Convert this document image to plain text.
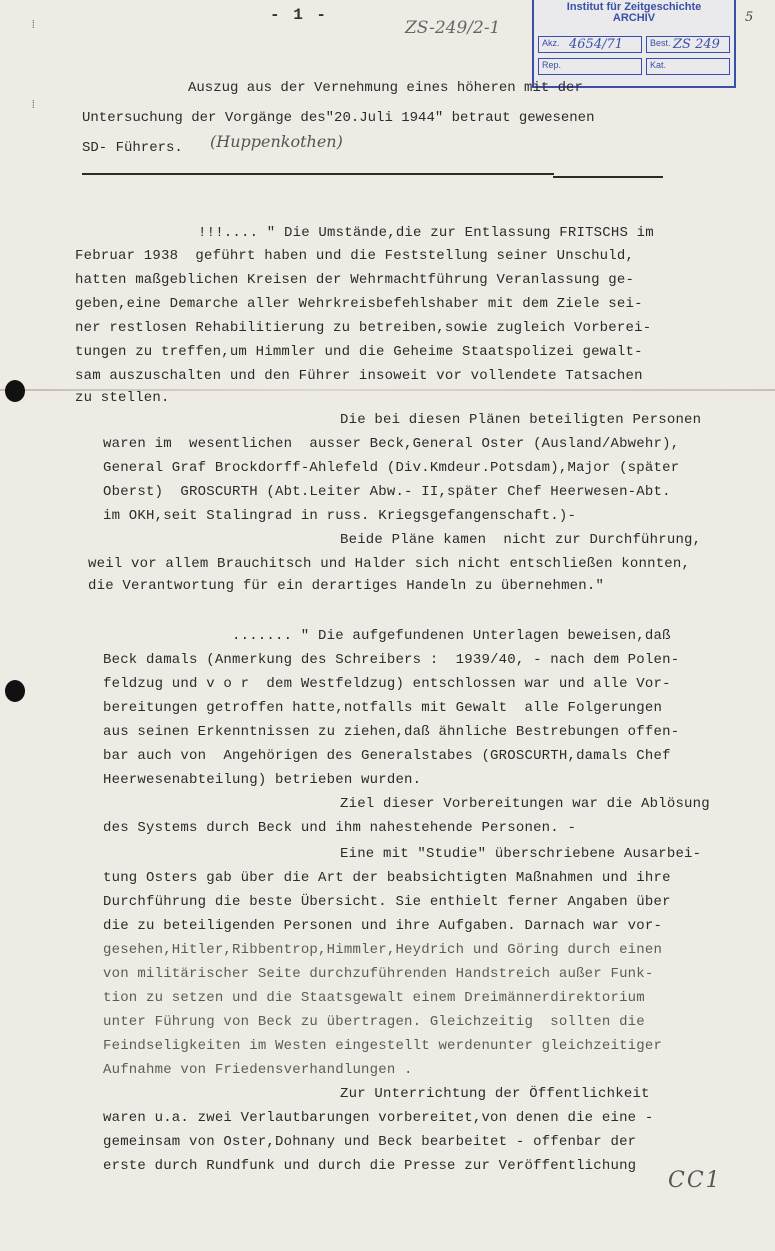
⁞
⁞
- 1 -
ZS-249/2-1
5
Institut für Zeitgeschichte
ARCHIV
Akz. 4654/71	Best. ZS 249
Rep.	Kat.
Auszug aus der Vernehmung eines höheren mit der
Untersuchung der Vorgänge des"20.Juli 1944" betraut gewesenen
SD- Führers. (Huppenkothen)
!!!.... " Die Umstände,die zur Entlassung FRITSCHS im
Februar 1938  geführt haben und die Feststellung seiner Unschuld,
hatten maßgeblichen Kreisen der Wehrmachtführung Veranlassung ge-
geben,eine Demarche aller Wehrkreisbefehlshaber mit dem Ziele sei-
ner restlosen Rehabilitierung zu betreiben,sowie zugleich Vorberei-
tungen zu treffen,um Himmler und die Geheime Staatspolizei gewalt-
sam auszuschalten und den Führer insoweit vor vollendete Tatsachen
zu stellen.
Die bei diesen Plänen beteiligten Personen
waren im  wesentlichen  ausser Beck,General Oster (Ausland/Abwehr),
General Graf Brockdorff-Ahlefeld (Div.Kmdeur.Potsdam),Major (später
Oberst)  GROSCURTH (Abt.Leiter Abw.- II,später Chef Heerwesen-Abt.
im OKH,seit Stalingrad in russ. Kriegsgefangenschaft.)-
Beide Pläne kamen  nicht zur Durchführung,
weil vor allem Brauchitsch und Halder sich nicht entschließen konnten,
die Verantwortung für ein derartiges Handeln zu übernehmen."
....... " Die aufgefundenen Unterlagen beweisen,daß
Beck damals (Anmerkung des Schreibers :  1939/40, - nach dem Polen-
feldzug und v o r  dem Westfeldzug) entschlossen war und alle Vor-
bereitungen getroffen hatte,notfalls mit Gewalt  alle Folgerungen
aus seinen Erkenntnissen zu ziehen,daß ähnliche Bestrebungen offen-
bar auch von  Angehörigen des Generalstabes (GROSCURTH,damals Chef
Heerwesenabteilung) betrieben wurden.
Ziel dieser Vorbereitungen war die Ablösung
des Systems durch Beck und ihm nahestehende Personen. -
Eine mit "Studie" überschriebene Ausarbei-
tung Osters gab über die Art der beabsichtigten Maßnahmen und ihre
Durchführung die beste Übersicht. Sie enthielt ferner Angaben über
die zu beteiligenden Personen und ihre Aufgaben. Darnach war vor-
gesehen,Hitler,Ribbentrop,Himmler,Heydrich und Göring durch einen
von militärischer Seite durchzuführenden Handstreich außer Funk-
tion zu setzen und die Staatsgewalt einem Dreimännerdirektorium
unter Führung von Beck zu übertragen. Gleichzeitig  sollten die
Feindseligkeiten im Westen eingestellt werdenunter gleichzeitiger
Aufnahme von Friedensverhandlungen .
Zur Unterrichtung der Öffentlichkeit
waren u.a. zwei Verlautbarungen vorbereitet,von denen die eine -
gemeinsam von Oster,Dohnany und Beck bearbeitet - offenbar der
erste durch Rundfunk und durch die Presse zur Veröffentlichung
CC1
